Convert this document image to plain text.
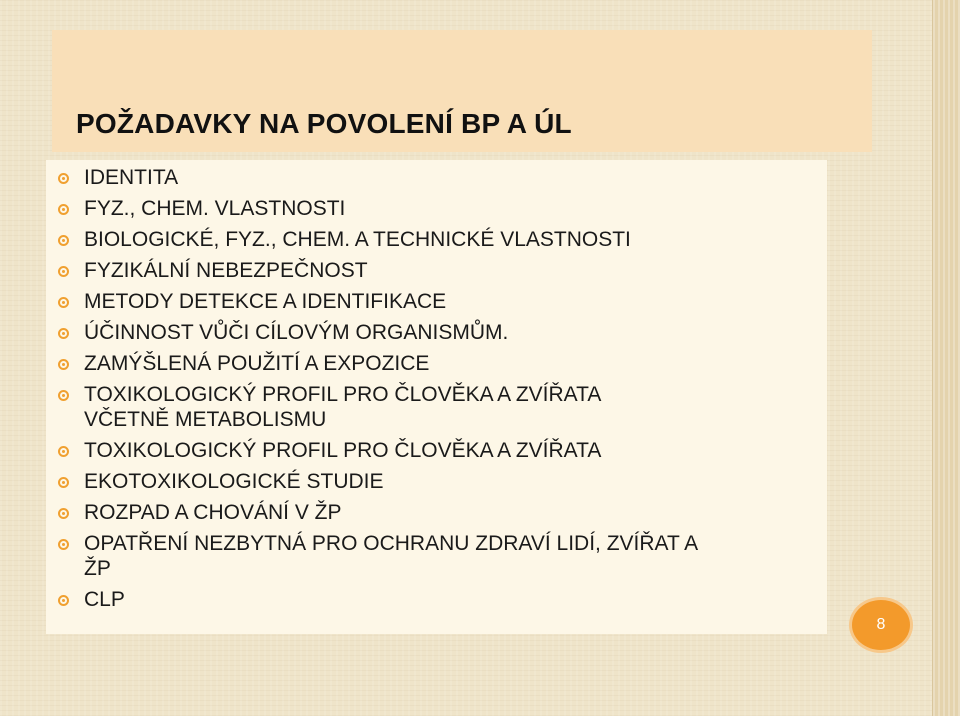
POŽADAVKY NA POVOLENÍ BP A ÚL
IDENTITA
FYZ., CHEM. VLASTNOSTI
BIOLOGICKÉ, FYZ., CHEM. A TECHNICKÉ VLASTNOSTI
FYZIKÁLNÍ NEBEZPEČNOST
METODY DETEKCE A IDENTIFIKACE
ÚČINNOST VŮČI CÍLOVÝM ORGANISMŮM.
ZAMÝŠLENÁ POUŽITÍ A EXPOZICE
TOXIKOLOGICKÝ PROFIL PRO ČLOVĚKA A ZVÍŘATA
VČETNĚ METABOLISMU
TOXIKOLOGICKÝ PROFIL PRO ČLOVĚKA A ZVÍŘATA
EKOTOXIKOLOGICKÉ STUDIE
ROZPAD A CHOVÁNÍ V ŽP
OPATŘENÍ NEZBYTNÁ PRO OCHRANU ZDRAVÍ LIDÍ, ZVÍŘAT A
ŽP
CLP
8
